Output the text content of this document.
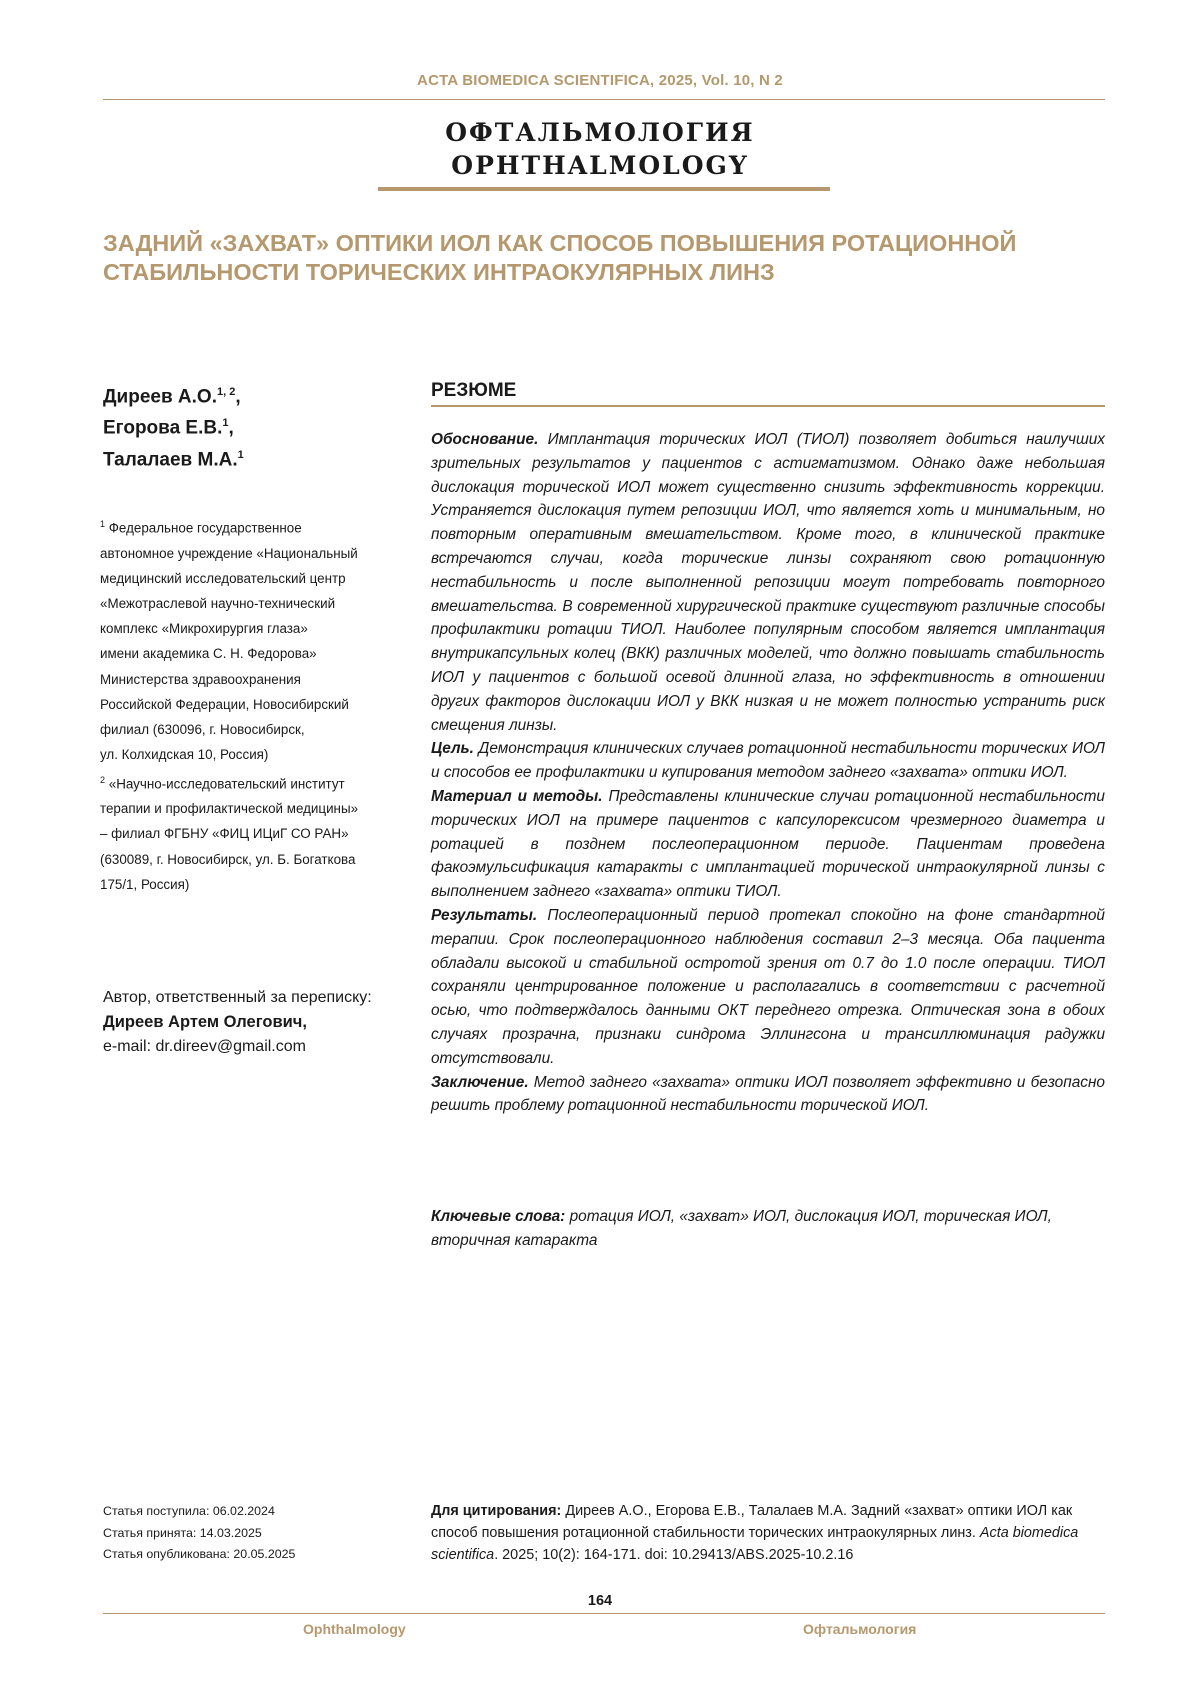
ACTA BIOMEDICA SCIENTIFICA, 2025, Vol. 10, N 2
ОФТАЛЬМОЛОГИЯ
OPHTHALMOLOGY
ЗАДНИЙ «ЗАХВАТ» ОПТИКИ ИОЛ КАК СПОСОБ ПОВЫШЕНИЯ РОТАЦИОННОЙ
СТАБИЛЬНОСТИ ТОРИЧЕСКИХ ИНТРАОКУЛЯРНЫХ ЛИНЗ
Диреев А.О.1, 2,
Егорова Е.В.1,
Талалаев М.А.1
1 Федеральное государственное
автономное учреждение «Национальный
медицинский исследовательский центр
«Межотраслевой научно-технический
комплекс «Микрохирургия глаза»
имени академика С. Н. Федорова»
Министерства здравоохранения
Российской Федерации, Новосибирский
филиал (630096, г. Новосибирск,
ул. Колхидская 10, Россия)
2 «Научно-исследовательский институт
терапии и профилактической медицины»
– филиал ФГБНУ «ФИЦ ИЦиГ СО РАН»
(630089, г. Новосибирск, ул. Б. Богаткова
175/1, Россия)
Автор, ответственный за переписку:
Диреев Артем Олегович,
e-mail: dr.direev@gmail.com
РЕЗЮМЕ

Обоснование. Имплантация торических ИОЛ (ТИОЛ) позволяет добиться наилучших зрительных результатов у пациентов с астигматизмом. Однако даже небольшая дислокация торической ИОЛ может существенно снизить эффективность коррекции. Устраняется дислокация путем репозиции ИОЛ, что является хоть и минимальным, но повторным оперативным вмешательством. Кроме того, в клинической практике встречаются случаи, когда торические линзы сохраняют свою ротационную нестабильность и после выполненной репозиции могут потребовать повторного вмешательства. В современной хирургической практике существуют различные способы профилактики ротации ТИОЛ. Наиболее популярным способом является имплантация внутрикапсульных колец (ВКК) различных моделей, что должно повышать стабильность ИОЛ у пациентов с большой осевой длинной глаза, но эффективность в отношении других факторов дислокации ИОЛ у ВКК низкая и не может полностью устранить риск смещения линзы.

Цель. Демонстрация клинических случаев ротационной нестабильности торических ИОЛ и способов ее профилактики и купирования методом заднего «захвата» оптики ИОЛ.

Материал и методы. Представлены клинические случаи ротационной нестабильности торических ИОЛ на примере пациентов с капсулорексисом чрезмерного диаметра и ротацией в позднем послеоперационном периоде. Пациентам проведена факоэмульсификация катаракты с имплантацией торической интраокулярной линзы с выполнением заднего «захвата» оптики ТИОЛ.

Результаты. Послеоперационный период протекал спокойно на фоне стандартной терапии. Срок послеоперационного наблюдения составил 2–3 месяца. Оба пациента обладали высокой и стабильной остротой зрения от 0.7 до 1.0 после операции. ТИОЛ сохраняли центрированное положение и располагались в соответствии с расчетной осью, что подтверждалось данными ОКТ переднего отрезка. Оптическая зона в обоих случаях прозрачна, признаки синдрома Эллингсона и трансиллюминация радужки отсутствовали.

Заключение. Метод заднего «захвата» оптики ИОЛ позволяет эффективно и безопасно решить проблему ротационной нестабильности торической ИОЛ.

Ключевые слова: ротация ИОЛ, «захват» ИОЛ, дислокация ИОЛ, торическая ИОЛ, вторичная катаракта
Статья поступила: 06.02.2024
Статья принята: 14.03.2025
Статья опубликована: 20.05.2025
Для цитирования: Диреев А.О., Егорова Е.В., Талалаев М.А. Задний «захват» оптики ИОЛ как способ повышения ротационной стабильности торических интраокулярных линз. Acta biomedica scientifica. 2025; 10(2): 164-171. doi: 10.29413/ABS.2025-10.2.16
164
Ophthalmology	Офтальмология
